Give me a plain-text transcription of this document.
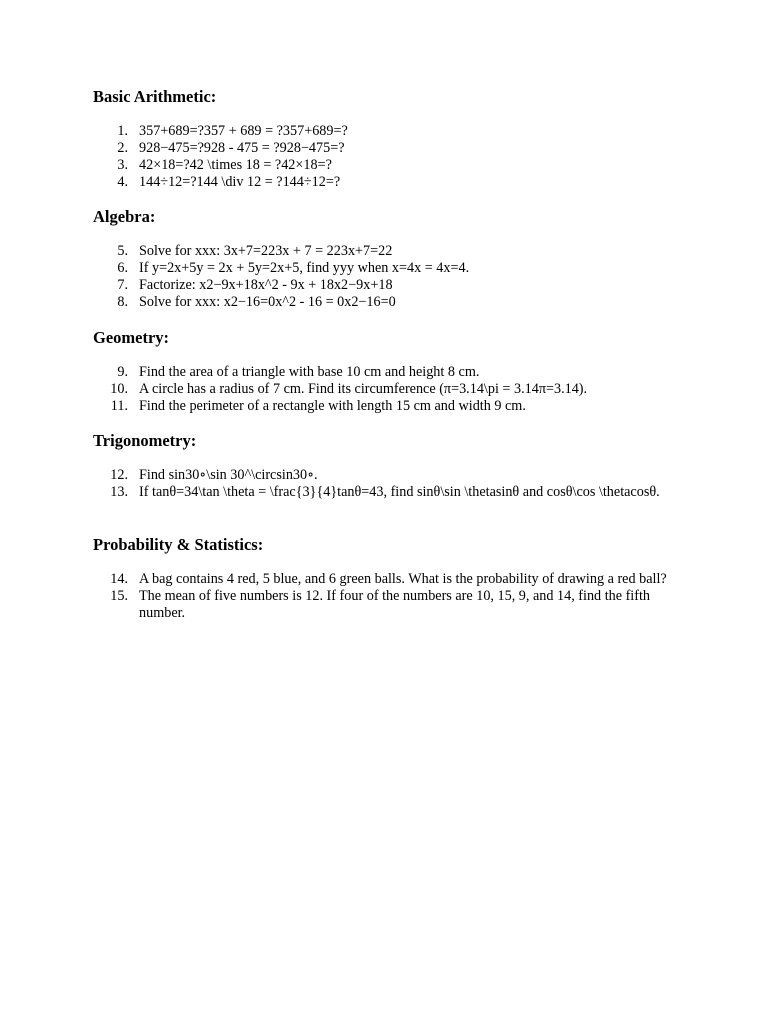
Basic Arithmetic:
1. 357+689=?357 + 689 = ?357+689=?
2. 928−475=?928 - 475 = ?928−475=?
3. 42×18=?42 \times 18 = ?42×18=?
4. 144÷12=?144 \div 12 = ?144÷12=?
Algebra:
5. Solve for xxx: 3x+7=223x + 7 = 223x+7=22
6. If y=2x+5y = 2x + 5y=2x+5, find yyy when x=4x = 4x=4.
7. Factorize: x2−9x+18x^2 - 9x + 18x2−9x+18
8. Solve for xxx: x2−16=0x^2 - 16 = 0x2−16=0
Geometry:
9. Find the area of a triangle with base 10 cm and height 8 cm.
10. A circle has a radius of 7 cm. Find its circumference (π=3.14\pi = 3.14π=3.14).
11. Find the perimeter of a rectangle with length 15 cm and width 9 cm.
Trigonometry:
12. Find sin30∘\sin 30^\circsin30∘.
13. If tanθ=34\tan \theta = \frac{3}{4}tanθ=43, find sinθ\sin \thetasinθ and cosθ\cos \thetacosθ.
Probability & Statistics:
14. A bag contains 4 red, 5 blue, and 6 green balls. What is the probability of drawing a red ball?
15. The mean of five numbers is 12. If four of the numbers are 10, 15, 9, and 14, find the fifth number.
